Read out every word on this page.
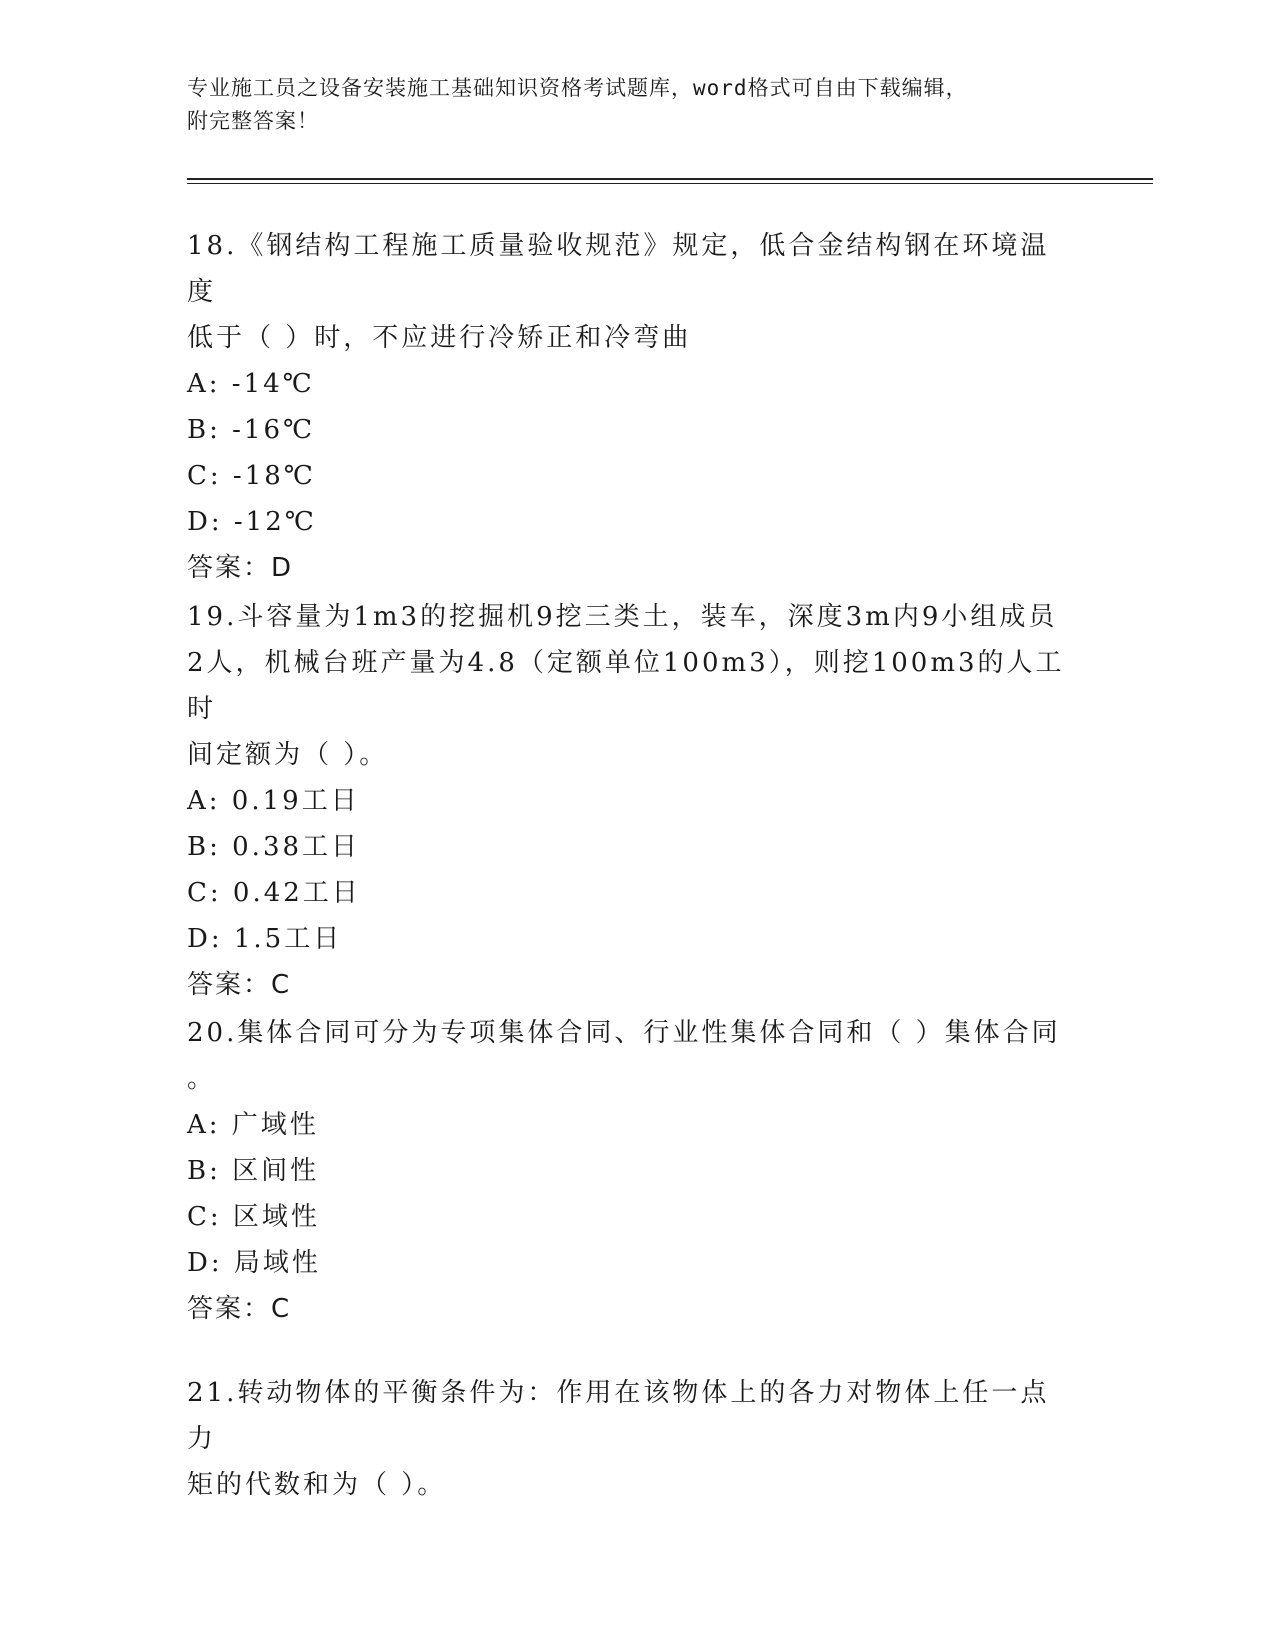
专业施工员之设备安装施工基础知识资格考试题库，word格式可自由下载编辑，
附完整答案！

18.《钢结构工程施工质量验收规范》规定，低合金结构钢在环境温度

低于（ ）时，不应进行冷矫正和冷弯曲

A: -14℃

B: -16℃

C: -18℃

D: -12℃

答案：D

19.斗容量为1m3的挖掘机9挖三类土，装车，深度3m内9小组成员

2人，机械台班产量为4.8（定额单位100m3），则挖100m3的人工时

间定额为（ ）。

A: 0.19工日

B: 0.38工日

C: 0.42工日

D: 1.5工日

答案：C

20.集体合同可分为专项集体合同、行业性集体合同和（ ）集体合同

。

A: 广域性

B: 区间性

C: 区域性

D: 局域性

答案：C

21.转动物体的平衡条件为：作用在该物体上的各力对物体上任一点力

矩的代数和为（ ）。
